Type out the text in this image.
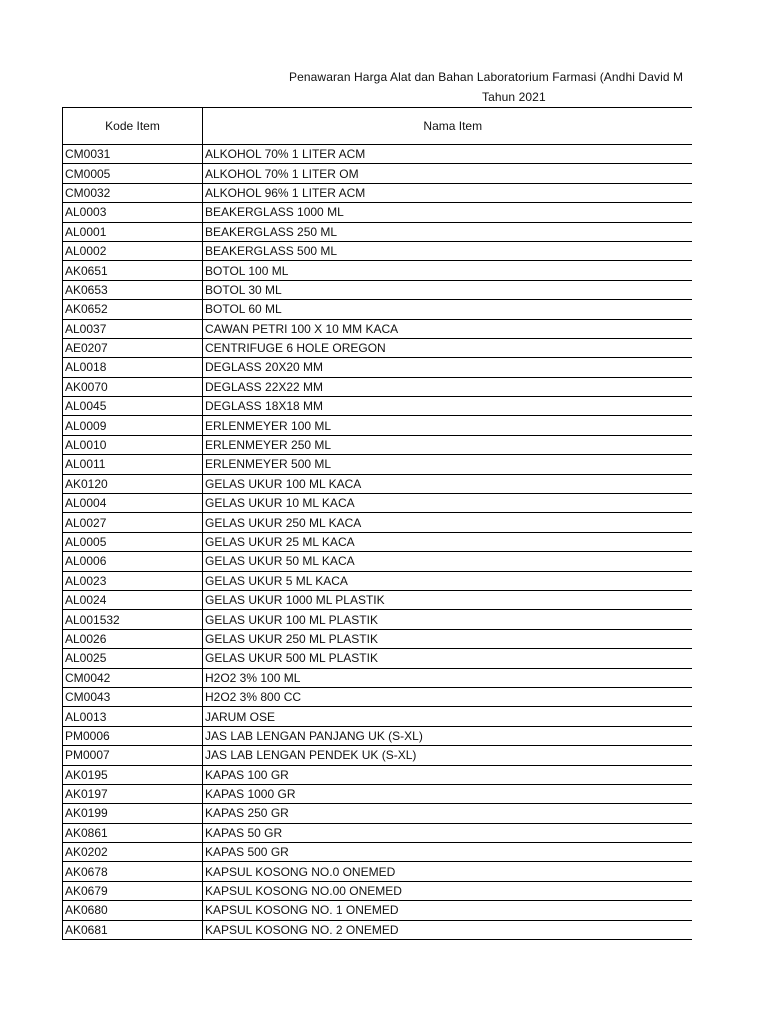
Penawaran Harga Alat dan Bahan Laboratorium Farmasi (Andhi David M
Tahun 2021
Kode Item	Nama Item
CM0031	ALKOHOL 70% 1 LITER ACM
CM0005	ALKOHOL 70% 1 LITER OM
CM0032	ALKOHOL 96% 1 LITER ACM
AL0003	BEAKERGLASS 1000 ML
AL0001	BEAKERGLASS 250 ML
AL0002	BEAKERGLASS 500 ML
AK0651	BOTOL 100 ML
AK0653	BOTOL 30 ML
AK0652	BOTOL 60 ML
AL0037	CAWAN PETRI 100 X 10 MM KACA
AE0207	CENTRIFUGE 6 HOLE OREGON
AL0018	DEGLASS 20X20 MM
AK0070	DEGLASS 22X22 MM
AL0045	DEGLASS 18X18 MM
AL0009	ERLENMEYER 100 ML
AL0010	ERLENMEYER 250 ML
AL0011	ERLENMEYER 500 ML
AK0120	GELAS UKUR 100 ML KACA
AL0004	GELAS UKUR 10 ML KACA
AL0027	GELAS UKUR 250 ML KACA
AL0005	GELAS UKUR 25 ML KACA
AL0006	GELAS UKUR 50 ML KACA
AL0023	GELAS UKUR 5 ML KACA
AL0024	GELAS UKUR 1000 ML PLASTIK
AL001532	GELAS UKUR 100 ML PLASTIK
AL0026	GELAS UKUR 250 ML PLASTIK
AL0025	GELAS UKUR 500 ML PLASTIK
CM0042	H2O2 3% 100 ML
CM0043	H2O2 3% 800 CC
AL0013	JARUM OSE
PM0006	JAS LAB LENGAN PANJANG UK (S-XL)
PM0007	JAS LAB LENGAN PENDEK UK (S-XL)
AK0195	KAPAS 100 GR
AK0197	KAPAS 1000 GR
AK0199	KAPAS 250 GR
AK0861	KAPAS 50 GR
AK0202	KAPAS 500 GR
AK0678	KAPSUL KOSONG NO.0 ONEMED
AK0679	KAPSUL KOSONG NO.00 ONEMED
AK0680	KAPSUL KOSONG NO. 1 ONEMED
AK0681	KAPSUL KOSONG NO. 2 ONEMED
